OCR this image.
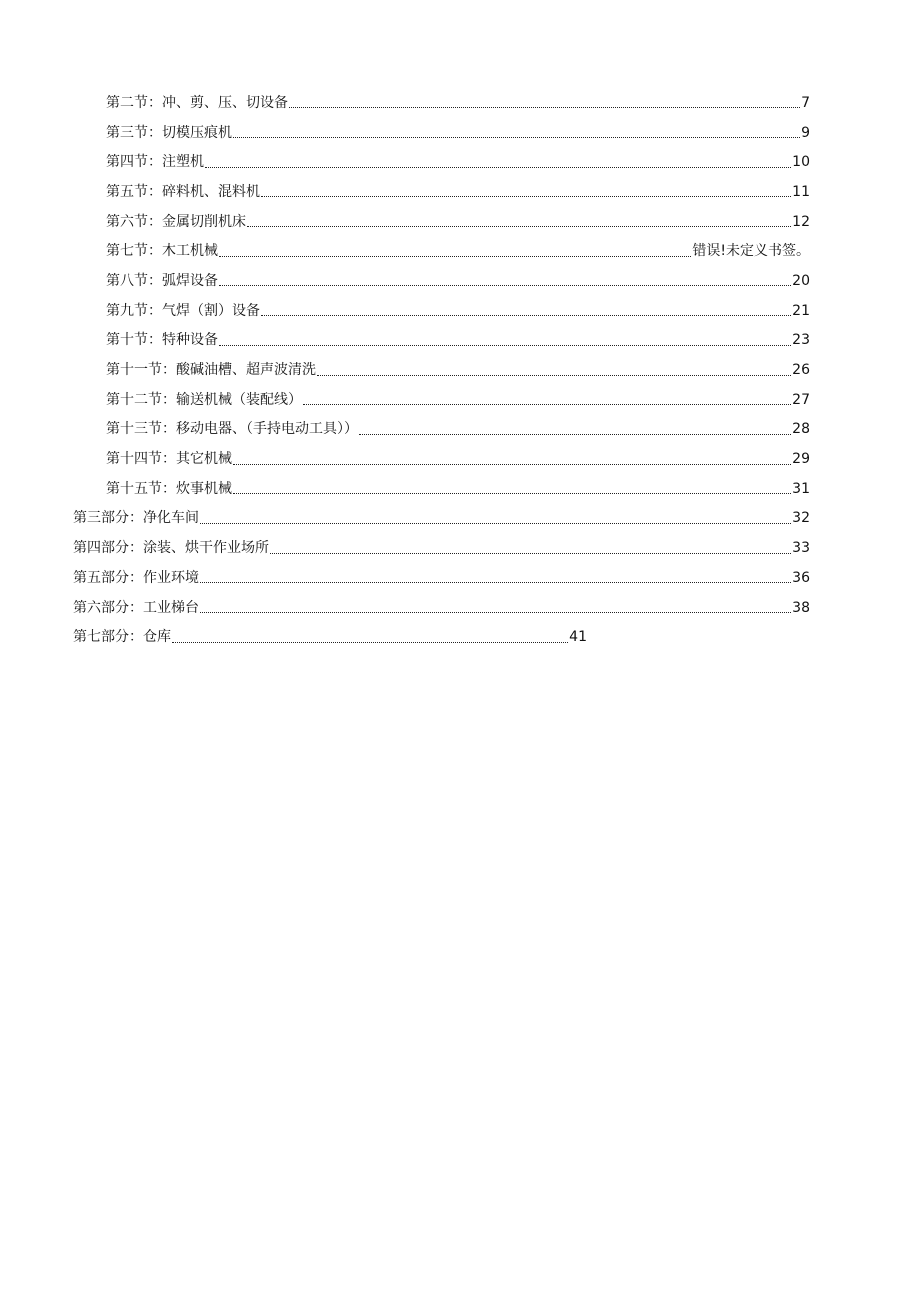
第二节：冲、剪、压、切设备	7
第三节：切模压痕机	9
第四节：注塑机	10
第五节：碎料机、混料机	11
第六节：金属切削机床	12
第七节：木工机械	错误!未定义书签。
第八节：弧焊设备	20
第九节：气焊（割）设备	21
第十节：特种设备	23
第十一节：酸碱油槽、超声波清洗	26
第十二节：输送机械（装配线）	27
第十三节：移动电器、（手持电动工具））	28
第十四节：其它机械	29
第十五节：炊事机械	31
第三部分：净化车间	32
第四部分：涂装、烘干作业场所	33
第五部分：作业环境	36
第六部分：工业梯台	38
第七部分：仓库	41
